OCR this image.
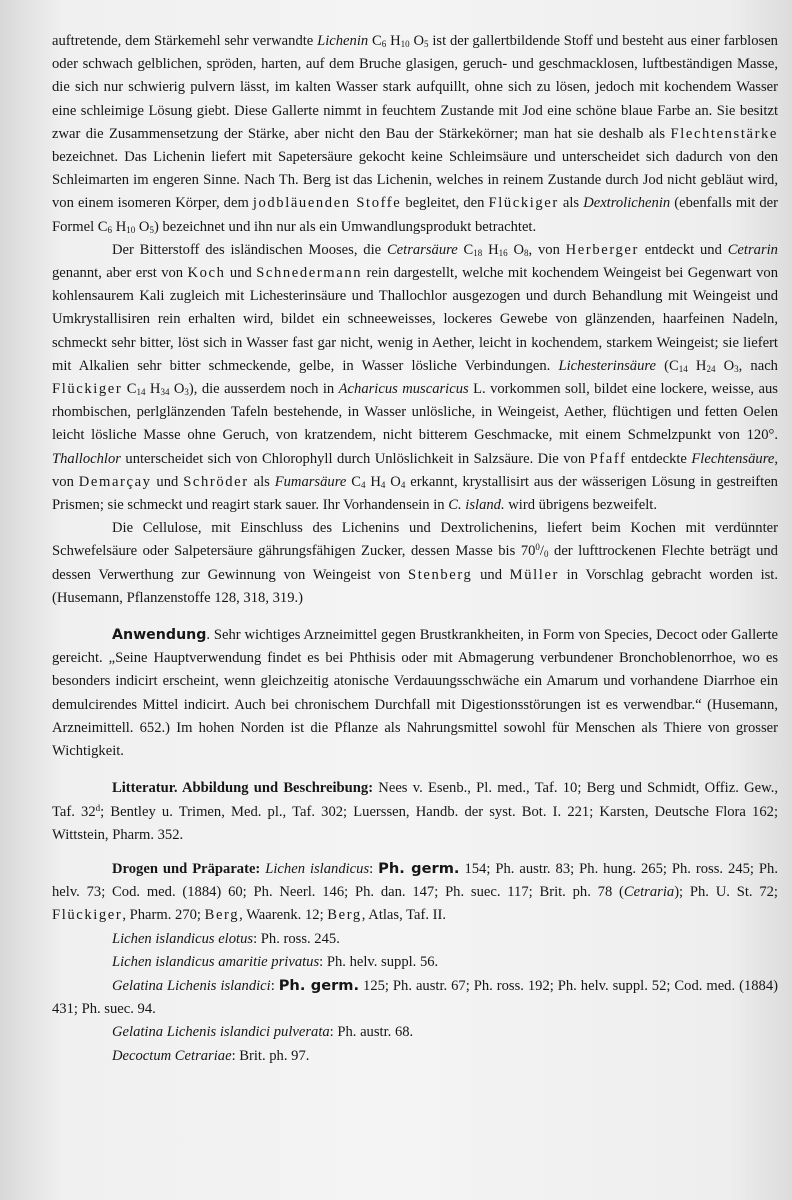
auftretende, dem Stärkemehl sehr verwandte Lichenin $C_6$ $H_{10}$ $O_5$ ist der gallertbildende Stoff und besteht aus einer farblosen oder schwach gelblichen, spröden, harten, auf dem Bruche glasigen, geruch- und geschmacklosen, luftbeständigen Masse, die sich nur schwierig pulvern lässt, im kalten Wasser stark aufquillt, ohne sich zu lösen, jedoch mit kochendem Wasser eine schleimige Lösung giebt. Diese Gallerte nimmt in feuchtem Zustande mit Jod eine schöne blaue Farbe an. Sie besitzt zwar die Zusammensetzung der Stärke, aber nicht den Bau der Stärkekörner; man hat sie deshalb als Flechtenstärke bezeichnet. Das Lichenin liefert mit Sapetersäure gekocht keine Schleimsäure und unterscheidet sich dadurch von den Schleimarten im engeren Sinne. Nach Th. Berg ist das Lichenin, welches in reinem Zustande durch Jod nicht gebläut wird, von einem isomeren Körper, dem jodbläuenden Stoffe begleitet, den Flückiger als Dextrolichenin (ebenfalls mit der Formel $C_6$ $H_{10}$ $O_5$) bezeichnet und ihn nur als ein Umwandlungsprodukt betrachtet.

Der Bitterstoff des isländischen Mooses, die Cetrarsäure $C_{18}$ $H_{16}$ $O_8$, von Herberger entdeckt und Cetrarin genannt, aber erst von Koch und Schnedermann rein dargestellt, welche mit kochendem Weingeist bei Gegenwart von kohlensaurem Kali zugleich mit Lichesterinsäure und Thallochlor ausgezogen und durch Behandlung mit Weingeist und Umkrystallisiren rein erhalten wird, bildet ein schneeweisses, lockeres Gewebe von glänzenden, haarfeinen Nadeln, schmeckt sehr bitter, löst sich in Wasser fast gar nicht, wenig in Aether, leicht in kochendem, starkem Weingeist; sie liefert mit Alkalien sehr bitter schmeckende, gelbe, in Wasser lösliche Verbindungen. Lichesterinsäure ($C_{14}$ $H_{24}$ $O_3$, nach Flückiger $C_{14}$ $H_{34}$ $O_3$), die ausserdem noch in Acharicus muscaricus L. vorkommen soll, bildet eine lockere, weisse, aus rhombischen, perlglänzenden Tafeln bestehende, in Wasser unlösliche, in Weingeist, Aether, flüchtigen und fetten Oelen leicht lösliche Masse ohne Geruch, von kratzendem, nicht bitterem Geschmacke, mit einem Schmelzpunkt von 120°. Thallochlor unterscheidet sich von Chlorophyll durch Unlöslichkeit in Salzsäure. Die von Pfaff entdeckte Flechtensäure, von Demarçay und Schröder als Fumarsäure $C_4$ $H_4$ $O_4$ erkannt, krystallisirt aus der wässerigen Lösung in gestreiften Prismen; sie schmeckt und reagirt stark sauer. Ihr Vorhandensein in C. island. wird übrigens bezweifelt.

Die Cellulose, mit Einschluss des Lichenins und Dextrolichenins, liefert beim Kochen mit verdünnter Schwefelsäure oder Salpetersäure gährungsfähigen Zucker, dessen Masse bis $70^0/_0$ der lufttrockenen Flechte beträgt und dessen Verwerthung zur Gewinnung von Weingeist von Stenberg und Müller in Vorschlag gebracht worden ist. (Husemann, Pflanzenstoffe 128, 318, 319.)

Anwendung. Sehr wichtiges Arzneimittel gegen Brustkrankheiten, in Form von Species, Decoct oder Gallerte gereicht. „Seine Hauptverwendung findet es bei Phthisis oder mit Abmagerung verbundener Bronchoblenorrhoe, wo es besonders indicirt erscheint, wenn gleichzeitig atonische Verdauungsschwäche ein Amarum und vorhandene Diarrhoe ein demulcirendes Mittel indicirt. Auch bei chronischem Durchfall mit Digestionsstörungen ist es verwendbar.“ (Husemann, Arzneimittell. 652.) Im hohen Norden ist die Pflanze als Nahrungsmittel sowohl für Menschen als Thiere von grosser Wichtigkeit.

Litteratur. Abbildung und Beschreibung: Nees v. Esenb., Pl. med., Taf. 10; Berg und Schmidt, Offiz. Gew., Taf. 32$^d$; Bentley u. Trimen, Med. pl., Taf. 302; Luerssen, Handb. der syst. Bot. I. 221; Karsten, Deutsche Flora 162; Wittstein, Pharm. 352.

Drogen und Präparate: Lichen islandicus: Ph. germ. 154; Ph. austr. 83; Ph. hung. 265; Ph. ross. 245; Ph. helv. 73; Cod. med. (1884) 60; Ph. Neerl. 146; Ph. dan. 147; Ph. suec. 117; Brit. ph. 78 (Cetraria); Ph. U. St. 72; Flückiger, Pharm. 270; Berg, Waarenk. 12; Berg, Atlas, Taf. II.

Lichen islandicus elotus: Ph. ross. 245.

Lichen islandicus amaritie privatus: Ph. helv. suppl. 56.

Gelatina Lichenis islandici: Ph. germ. 125; Ph. austr. 67; Ph. ross. 192; Ph. helv. suppl. 52; Cod. med. (1884) 431; Ph. suec. 94.

Gelatina Lichenis islandici pulverata: Ph. austr. 68.

Decoctum Cetrariae: Brit. ph. 97.
